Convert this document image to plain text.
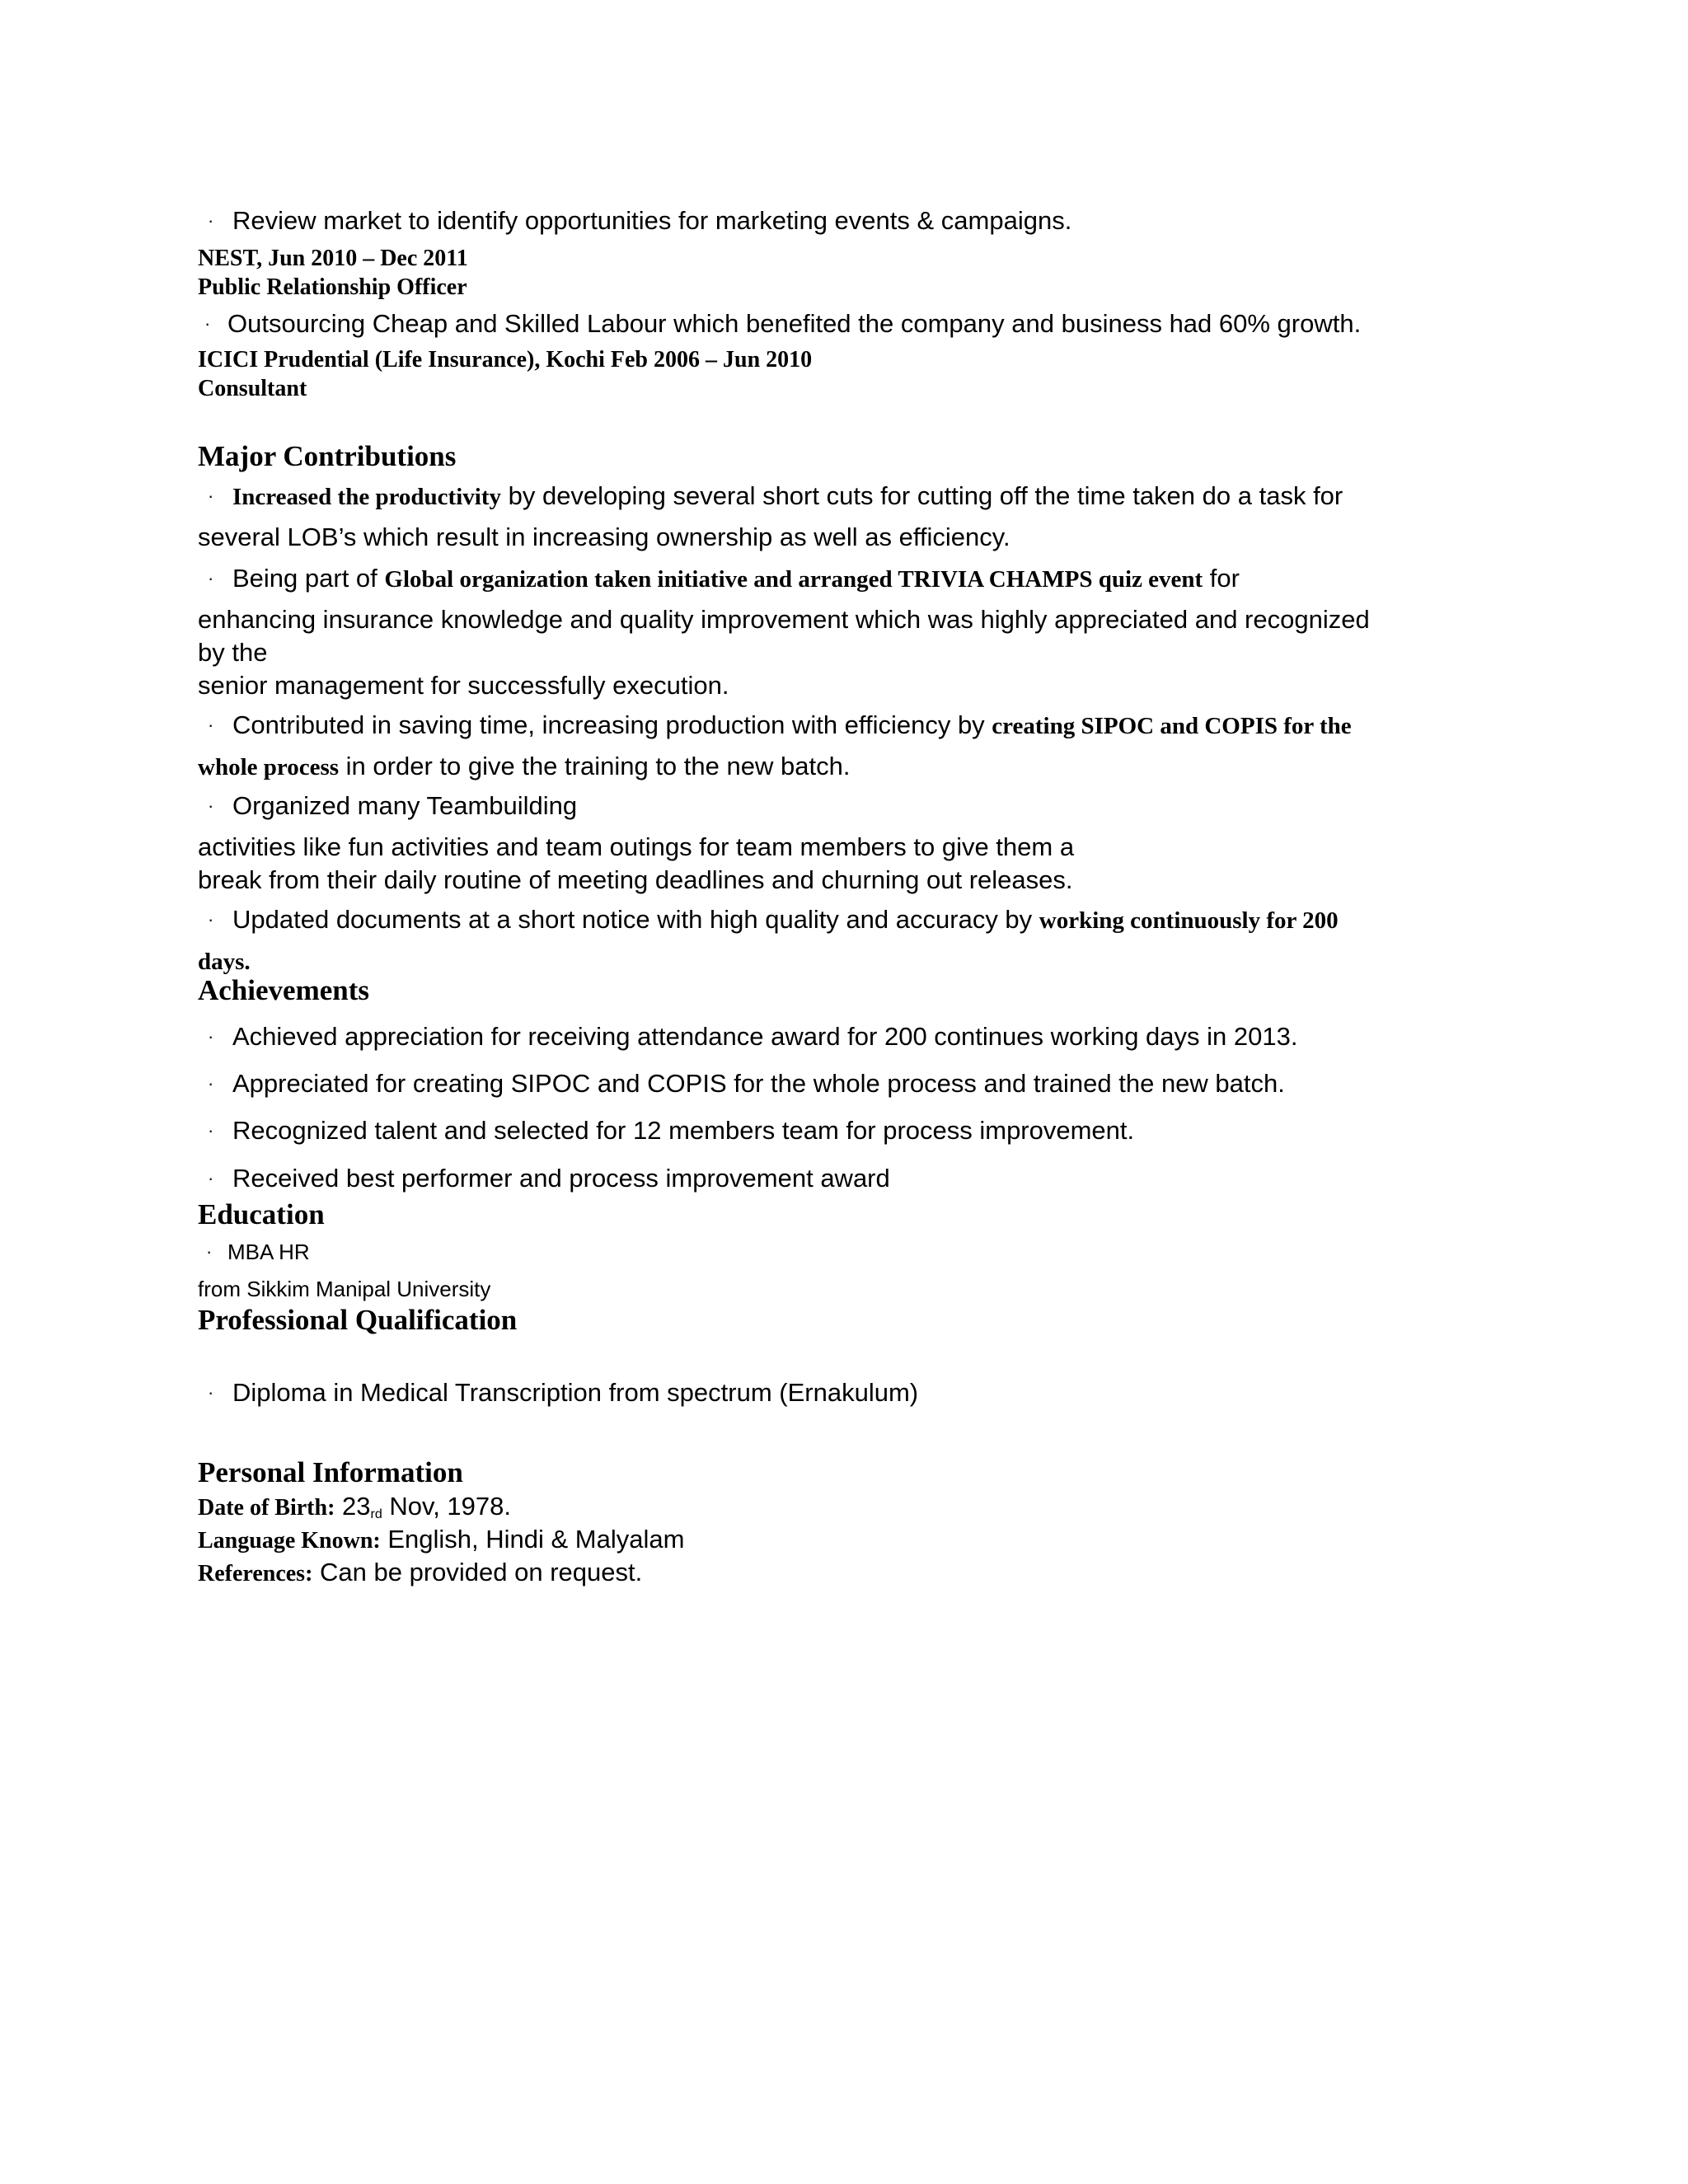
· Review market to identify opportunities for marketing events & campaigns.
NEST, Jun 2010 – Dec 2011
Public Relationship Officer
· Outsourcing Cheap and Skilled Labour which benefited the company and business had 60% growth.
ICICI Prudential (Life Insurance), Kochi Feb 2006 – Jun 2010
Consultant
Major Contributions
· Increased the productivity by developing several short cuts for cutting off the time taken do a task for
several LOB’s which result in increasing ownership as well as efficiency.
· Being part of Global organization taken initiative and arranged TRIVIA CHAMPS quiz event for
enhancing insurance knowledge and quality improvement which was highly appreciated and recognized
by the
senior management for successfully execution.
· Contributed in saving time, increasing production with efficiency by creating SIPOC and COPIS for the
whole process in order to give the training to the new batch.
· Organized many Teambuilding
activities like fun activities and team outings for team members to give them a
break from their daily routine of meeting deadlines and churning out releases.
· Updated documents at a short notice with high quality and accuracy by working continuously for 200
days.
Achievements
· Achieved appreciation for receiving attendance award for 200 continues working days in 2013.
· Appreciated for creating SIPOC and COPIS for the whole process and trained the new batch.
· Recognized talent and selected for 12 members team for process improvement.
· Received best performer and process improvement award
Education
· MBA HR
from Sikkim Manipal University
Professional Qualification
· Diploma in Medical Transcription from spectrum (Ernakulum)
Personal Information
Date of Birth: 23rd Nov, 1978.
Language Known: English, Hindi & Malyalam
References: Can be provided on request.
